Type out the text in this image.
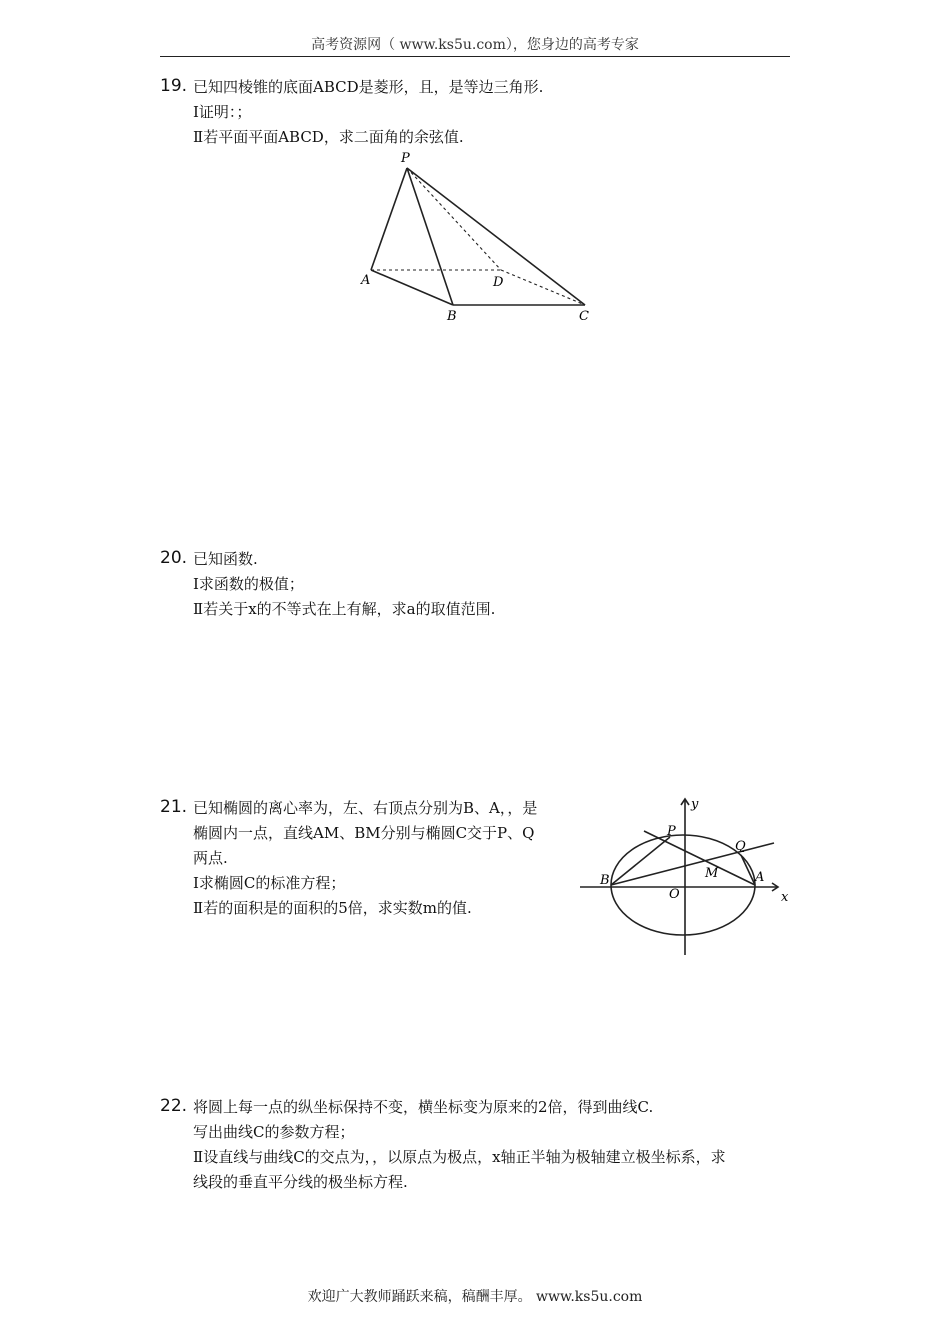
高考资源网（ www.ks5u.com），您身边的高考专家
19. 已知四棱锥的底面ABCD是菱形，且，是等边三角形.
Ⅰ证明：；
Ⅱ若平面平面ABCD，求二面角的余弦值.
P
A
B	C
D
20. 已知函数.
Ⅰ求函数的极值；
Ⅱ若关于x的不等式在上有解，求a的取值范围.
21. 已知椭圆的离心率为，左、右顶点分别为B、A，，是
椭圆内一点，直线AM、BM分别与椭圆C交于P、Q
两点.
Ⅰ求椭圆C的标准方程；
Ⅱ若的面积是的面积的5倍，求实数m的值.
y
x
P
Q
M
B	A
O
22. 将圆上每一点的纵坐标保持不变，横坐标变为原来的2倍，得到曲线C.
写出曲线C的参数方程；
Ⅱ设直线与曲线C的交点为，，以原点为极点，x轴正半轴为极轴建立极坐标系，求
线段的垂直平分线的极坐标方程.
欢迎广大教师踊跃来稿，稿酬丰厚。 www.ks5u.com
